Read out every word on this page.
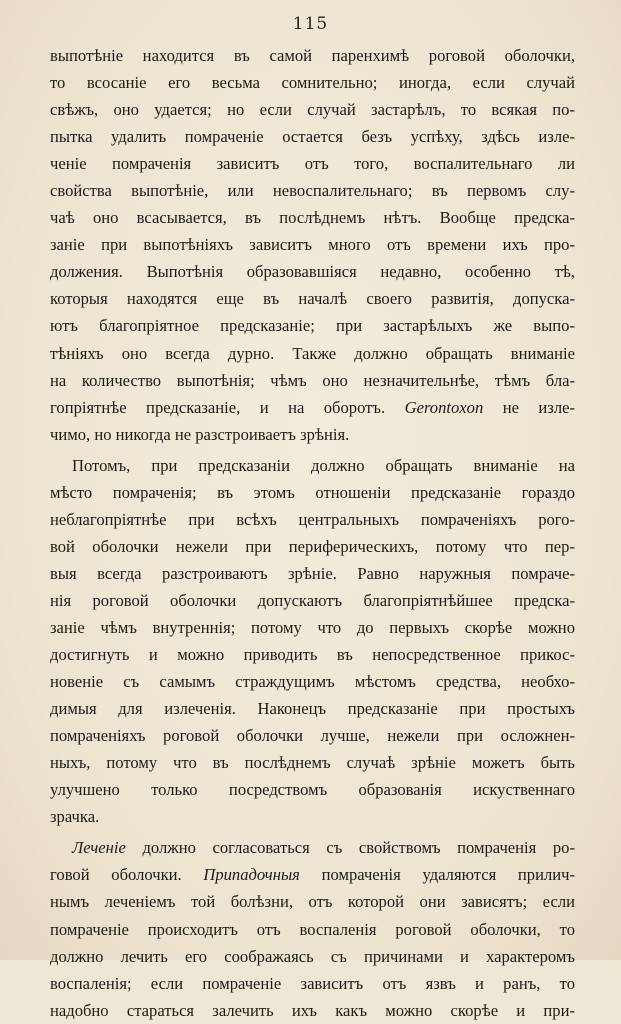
115
выпотѣніе находится въ самой паренхимѣ роговой оболочки,
то всосаніе его весьма сомнительно; иногда, если случай
свѣжъ, оно удается; но если случай застарѣлъ, то всякая по-
пытка удалить помраченіе остается безъ успѣху, здѣсь изле-
ченіе помраченія зависитъ отъ того, воспалительнаго ли
свойства выпотѣніе, или невоспалительнаго; въ первомъ слу-
чаѣ оно всасывается, въ послѣднемъ нѣтъ. Вообще предска-
заніе при выпотѣніяхъ зависитъ много отъ времени ихъ про-
должения. Выпотѣнія образовавшіяся недавно, особенно тѣ,
которыя находятся еще въ началѣ своего развитія, допуска-
ютъ благопріятное предсказаніе; при застарѣлыхъ же выпо-
тѣніяхъ оно всегда дурно. Также должно обращать вниманіе
на количество выпотѣнія; чѣмъ оно незначительнѣе, тѣмъ бла-
гопріятнѣе предсказаніе, и на оборотъ. Gerontoxon не изле-
чимо, но никогда не разстроиваетъ зрѣнія.
Потомъ, при предсказаніи должно обращать вниманіе на
мѣсто помраченія; въ этомъ отношеніи предсказаніе гораздо
неблагопріятнѣе при всѣхъ центральныхъ помраченіяхъ рого-
вой оболочки нежели при периферическихъ, потому что пер-
выя всегда разстроиваютъ зрѣніе. Равно наружныя помраче-
нія роговой оболочки допускаютъ благопріятнѣйшее предска-
заніе чѣмъ внутреннія; потому что до первыхъ скорѣе можно
достигнуть и можно приводить въ непосредственное прикос-
новеніе съ самымъ страждущимъ мѣстомъ средства, необхо-
димыя для излеченія. Наконецъ предсказаніе при простыхъ
помраченіяхъ роговой оболочки лучше, нежели при осложнен-
ныхъ, потому что въ послѣднемъ случаѣ зрѣніе можетъ быть
улучшено только посредствомъ образованія искуственнаго
зрачка.
Леченіе должно согласоваться съ свойствомъ помраченія ро-
говой оболочки. Припадочныя помраченія удаляются прилич-
нымъ леченіемъ той болѣзни, отъ которой они зависятъ; если
помраченіе происходитъ отъ воспаленія роговой оболочки, то
должно лечить его соображаясь съ причинами и характеромъ
воспаленія; если помраченіе зависитъ отъ язвъ и ранъ, то
надобно стараться залечить ихъ какъ можно скорѣе и при-
